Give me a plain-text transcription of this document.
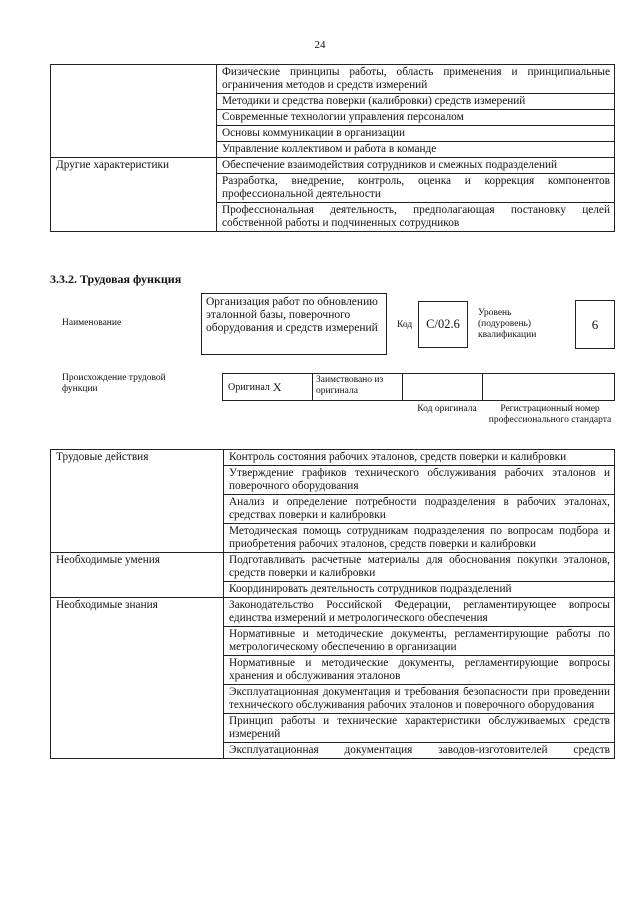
24
	Физические принципы работы, область применения и принципиальные ограничения методов и средств измерений
	Методики и средства поверки (калибровки) средств измерений
	Современные технологии управления персоналом
	Основы коммуникации в организации
	Управление коллективом и работа в команде
Другие характеристики	Обеспечение взаимодействия сотрудников и смежных подразделений
	Разработка, внедрение, контроль, оценка и коррекция компонентов профессиональной деятельности
	Профессиональная деятельность, предполагающая постановку целей собственной работы и подчиненных сотрудников
3.3.2. Трудовая функция
Наименование
Организация работ по обновлению эталонной базы, поверочного оборудования и средств измерений	Код	C/02.6
Уровень (подуровень) квалификации
6
Происхождение трудовой функции	Оригинал X	Заимствовано из оригинала
Код оригинала	Регистрационный номер профессионального стандарта
Трудовые действия	Контроль состояния рабочих эталонов, средств поверки и калибровки
	Утверждение графиков технического обслуживания рабочих эталонов и поверочного оборудования
	Анализ и определение потребности подразделения в рабочих эталонах, средствах поверки и калибровки
	Методическая помощь сотрудникам подразделения по вопросам подбора и приобретения рабочих эталонов, средств поверки и калибровки
Необходимые умения	Подготавливать расчетные материалы для обоснования покупки эталонов, средств поверки и калибровки
	Координировать деятельность сотрудников подразделений
Необходимые знания	Законодательство Российской Федерации, регламентирующее вопросы единства измерений и метрологического обеспечения
	Нормативные и методические документы, регламентирующие работы по метрологическому обеспечению в организации
	Нормативные и методические документы, регламентирующие вопросы хранения и обслуживания эталонов
	Эксплуатационная документация и требования безопасности при проведении технического обслуживания рабочих эталонов и поверочного оборудования
	Принцип работы и технические характеристики обслуживаемых средств измерений
	Эксплуатационная документация заводов-изготовителей средств
